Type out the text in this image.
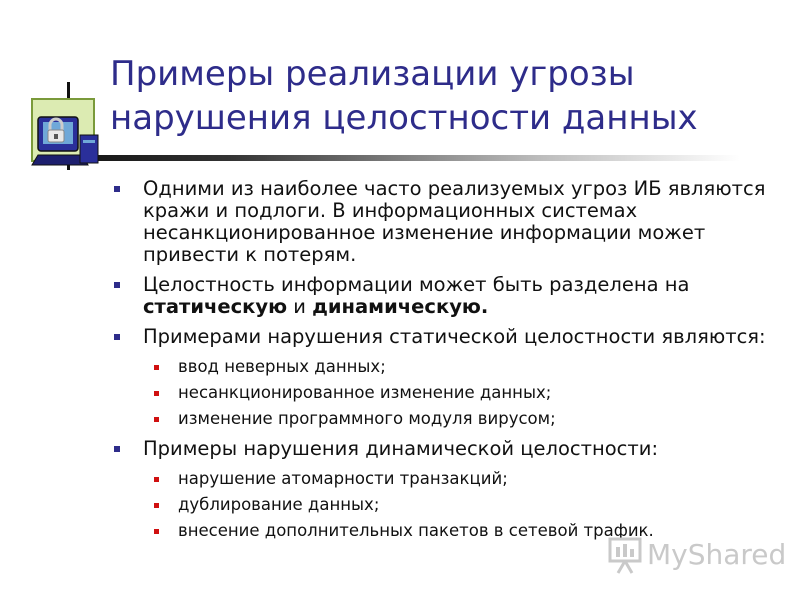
Примеры реализации угрозы
нарушения целостности данных
Одними из наиболее часто реализуемых угроз ИБ являются
кражи и подлоги. В информационных системах
несанкционированное изменение информации может
привести к потерям.
Целостность информации может быть разделена на
статическую и динамическую.
Примерами нарушения статической целостности являются:
ввод неверных данных;
несанкционированное изменение данных;
изменение программного модуля вирусом;
Примеры нарушения динамической целостности:
нарушение атомарности транзакций;
дублирование данных;
внесение дополнительных пакетов в сетевой трафик.
MyShared
